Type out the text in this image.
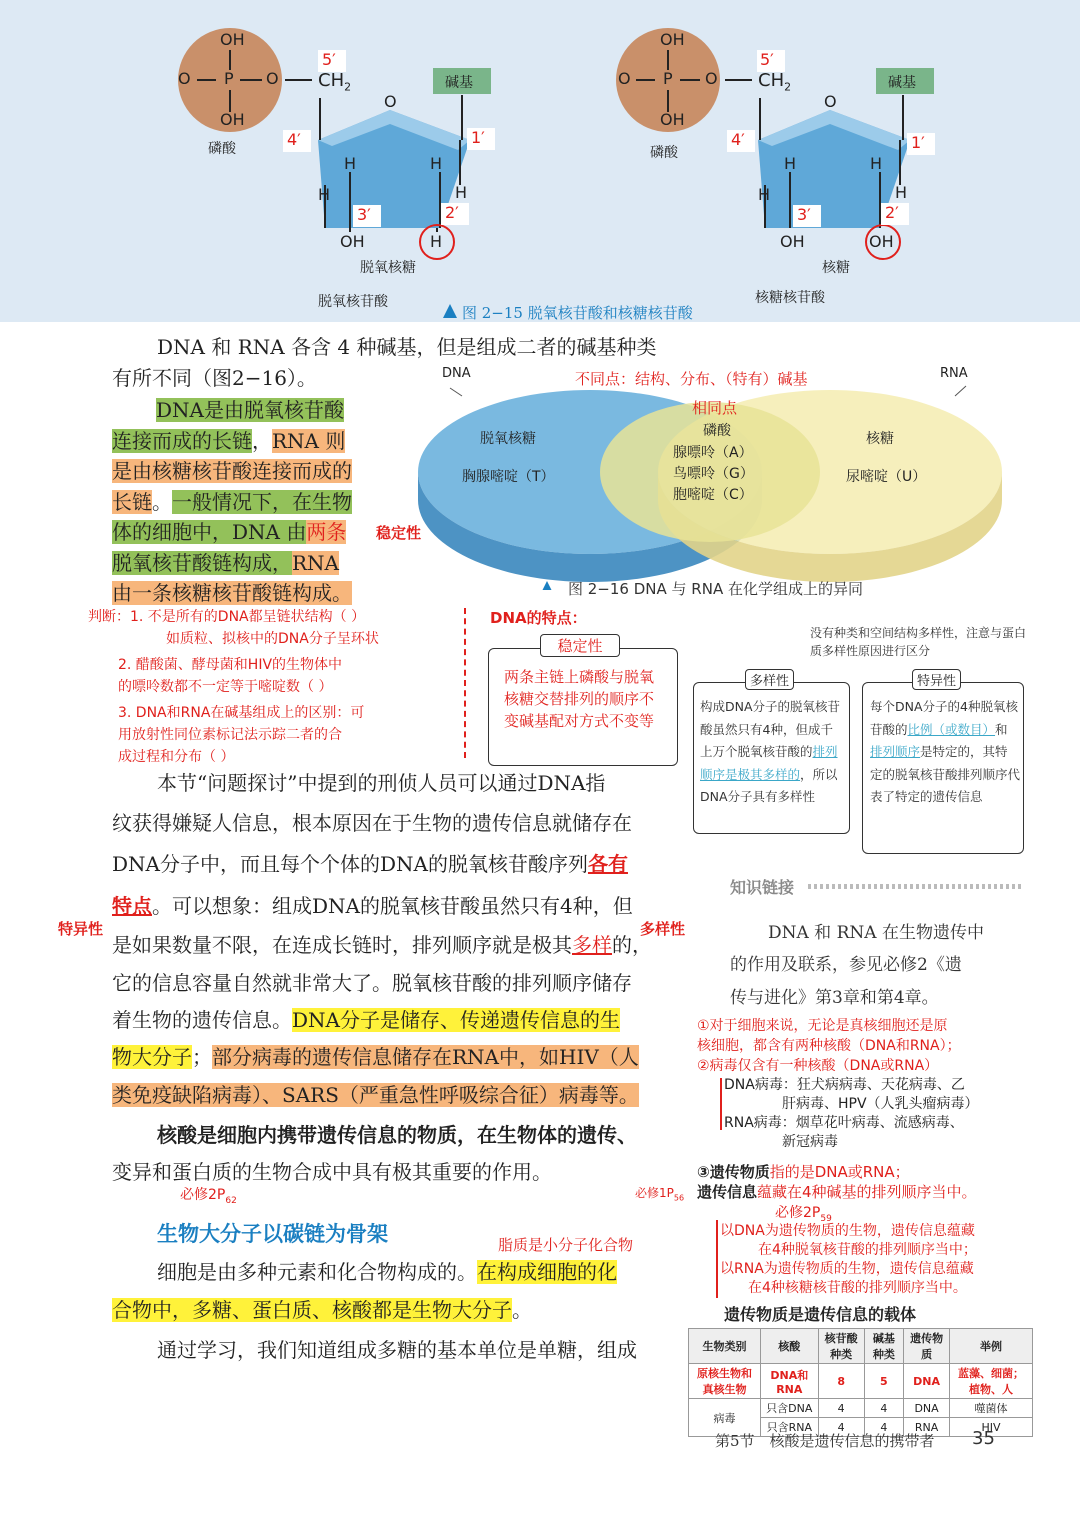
OH
O P O
OH
磷酸
5′
$CH_2$
4′	1′
3′	2′
O
H	H
H	H
OH	H
碱基
脱氧核糖
脱氧核苷酸
OH
O P O
OH
磷酸
5′
$CH_2$
4′	1′
3′	2′
O
H	H
H	H
OH	OH
碱基
核糖
核糖核苷酸
图 2−15 脱氧核苷酸和核糖核苷酸
DNA 和 RNA 各含 4 种碱基，但是组成二者的碱基种类
有所不同（图2−16）。
DNA是由脱氧核苷酸
连接而成的长链，RNA 则
是由核糖核苷酸连接而成的
长链。一般情况下，在生物
体的细胞中，DNA 由两条
脱氧核苷酸链构成，RNA
由一条核糖核苷酸链构成。
稳定性
DNA	RNA
不同点：结构、分布、（特有）碱基
相同点
脱氧核糖
胸腺嘧啶（T）
磷酸
腺嘌呤（A）
鸟嘌呤（G）
胞嘧啶（C）
核糖
尿嘧啶（U）
图 2−16 DNA 与 RNA 在化学组成上的异同
判断：1. 不是所有的DNA都呈链状结构（ ）
如质粒、拟核中的DNA分子呈环状
2. 醋酸菌、酵母菌和HIV的生物体中
的嘌呤数都不一定等于嘧啶数（ ）
3. DNA和RNA在碱基组成上的区别：可
用放射性同位素标记法示踪二者的合
成过程和分布（ ）
DNA的特点：
稳定性
两条主链上磷酸与脱氧核糖交替排列的顺序不变碱基配对方式不变等
没有种类和空间结构多样性，注意与蛋白质多样性原因进行区分
多样性
构成DNA分子的脱氧核苷酸虽然只有4种，但成千上万个脱氧核苷酸的排列顺序是极其多样的，所以DNA分子具有多样性
特异性
每个DNA分子的4种脱氧核苷酸的比例（或数目）和排列顺序是特定的，其特定的脱氧核苷酸排列顺序代表了特定的遗传信息
本节“问题探讨”中提到的刑侦人员可以通过DNA指
纹获得嫌疑人信息，根本原因在于生物的遗传信息就储存在
DNA分子中，而且每个个体的DNA的脱氧核苷酸序列各有
特点。可以想象：组成DNA的脱氧核苷酸虽然只有4种，但
特异性	多样性
是如果数量不限，在连成长链时，排列顺序就是极其多样的，
它的信息容量自然就非常大了。脱氧核苷酸的排列顺序储存
着生物的遗传信息。DNA分子是储存、传递遗传信息的生
物大分子；部分病毒的遗传信息储存在RNA中，如HIV（人
类免疫缺陷病毒）、SARS（严重急性呼吸综合征）病毒等。
核酸是细胞内携带遗传信息的物质，在生物体的遗传、
变异和蛋白质的生物合成中具有极其重要的作用。
必修$2P_{62}$
生物大分子以碳链为骨架	脂质是小分子化合物
细胞是由多种元素和化合物构成的。在构成细胞的化
合物中，多糖、蛋白质、核酸都是生物大分子。
通过学习，我们知道组成多糖的基本单位是单糖，组成
知识链接
DNA 和 RNA 在生物遗传中
的作用及联系，参见必修2《遗
传与进化》第3章和第4章。
①对于细胞来说，无论是真核细胞还是原
核细胞，都含有两种核酸（DNA和RNA）；
②病毒仅含有一种核酸（DNA或RNA）
DNA病毒：狂犬病病毒、天花病毒、乙
肝病毒、HPV（人乳头瘤病毒）
RNA病毒：烟草花叶病毒、流感病毒、
新冠病毒
③遗传物质指的是DNA或RNA；
遗传信息蕴藏在4种碱基的排列顺序当中。
必修$1P_{56}$
必修$2P_{59}$
以DNA为遗传物质的生物，遗传信息蕴藏
在4种脱氧核苷酸的排列顺序当中；
以RNA为遗传物质的生物，遗传信息蕴藏
在4种核糖核苷酸的排列顺序当中。
遗传物质是遗传信息的载体
生物类别	核酸	核苷酸种类	碱基种类	遗传物质	举例
原核生物和真核生物	DNA和RNA	8	5	DNA	蓝藻、细菌；植物、人
病毒	只含DNA	4	4	DNA	噬菌体
	只含RNA	4	4	RNA	HIV
第5节　核酸是遗传信息的携带者 35
